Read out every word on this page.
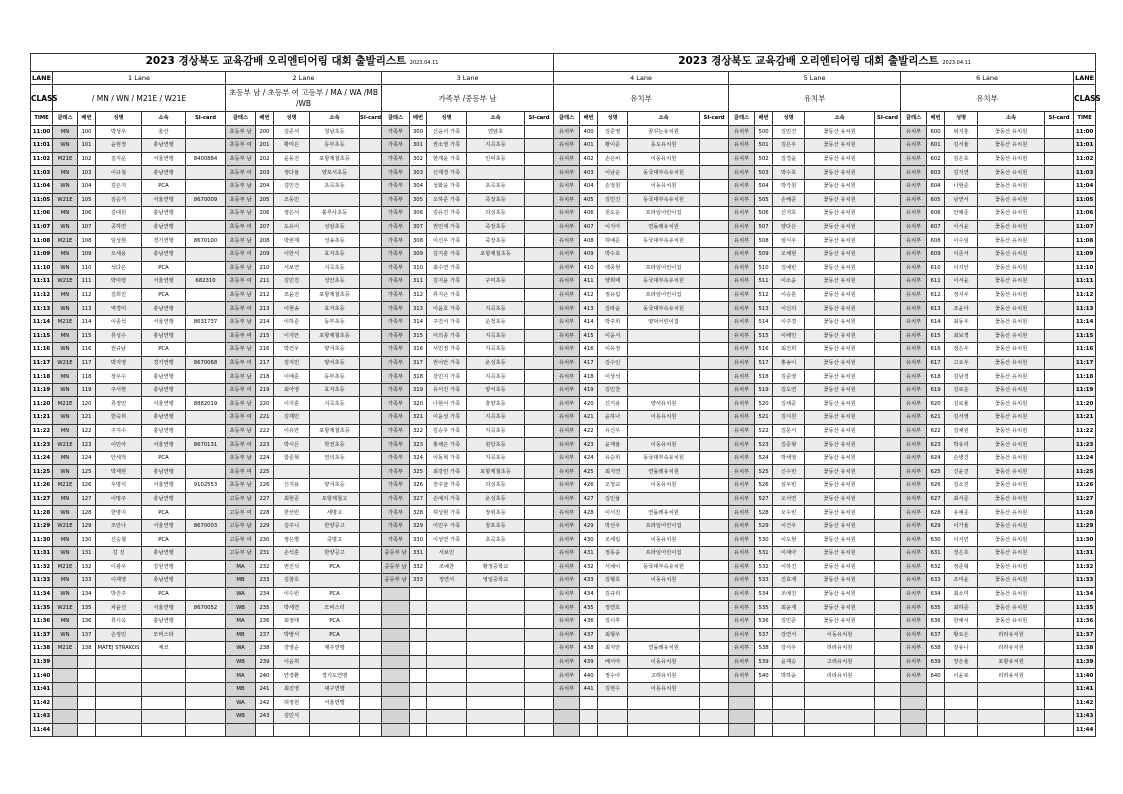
2023 경상북도 교육감배 오리엔티어링 대회 출발리스트 2023.04.11																2023 경상북도 교육감배 오리엔티어링 대회 출발리스트 2023.04.11															
LANE	1 Lane					2 Lane					3 Lane					4 Lane					5 Lane					6 Lane					LANE
CLASS	/ MN / WN / M21E / W21E					초등부 남 / 초등부 여 고등부 / MA / WA /MB /WB					가족부 /중등부 남					유치부					유치부					유치부					CLASS
TIME	클래스	배번	성명	소속	SI-card	클래스	배번	성명	소속	SI-card	클래스	배번	성명	소속	SI-card	클래스	배번	성명	소속	SI-card	클래스	배번	성명	소속	SI-card	클래스	배번	성명	소속	SI-card	TIME
11:00	MN	100	박성우	울산		초등부 남	200	김준서	청남초등		가족부	300	신윤서 가족	연암초		유치부	400	김준영	꿈꾸는유치원		유치부	500	김민건	꽃동산 유치원		유치부	600	위지훈	꽃동산 유치원		11:00
11:01	WN	101	윤현정	충남연맹		초등부 여	201	황미은	동부초등		가족부	301	권소영 가족	지곡초등		유치부	401	황이준	동도유치원		유치부	501	김은우	꽃동산 유치원		유치부	601	김서율	꽃동산 유치원		11:01
11:02	M21E	102	김지운	서울연맹	8400884	초등부 남	202	윤동진	포항제철초등		가족부	302	한재윤 가족	인덕초등		유치부	402	손은비	이동유치원		유치부	502	김경윤	꽃동산 유치원		유치부	602	김은호	꽃동산 유치원		11:02
11:03	MN	103	이규철	충남연맹		초등부 여	203	정다율	양포서초등		가족부	303	신재경 가족			유치부	403	이남순	동국대부속유치원		유치부	503	박수호	꽃동산 유치원		유치부	603	김지연	꽃동산 유치원		11:03
11:04	WN	104	김은지	PCA		초등부 남	204	김민건	초곡초등		가족부	304	성화윤 가족	초곡초등		유치부	404	손정원	이동유치원		유치부	504	박가원	꽃동산 유치원		유치부	604	나현준	꽃동산 유치원		11:04
11:05	W21E	105	김승기	서울연맹	8670009	초등부 남	205	조동민			가족부	305	오하준 가족	죽장초등		유치부	405	김민진	동국대부속유치원		유치부	505	손해준	꽃동산 유치원		유치부	605	남연서	꽃동산 유치원		11:05
11:06	MN	106	김대원	충남연맹		초등부 남	206	정은서	블루사초등		가족부	306	김유진 가족	의성초등		유치부	406	천도운	프라임어린이집		유치부	506	신지호	꽃동산 유치원		유치부	606	안예준	꽃동산 유치원		11:06
11:07	WN	107	공하연	충남연맹		초등부 여	207	도유이	성암초등		가족부	307	권민재 가족	죽장초등		유치부	407	이지아	연돌레유치원		유치부	507	양다은	꽃동산 유치원		유치부	607	이서윤	꽃동산 유치원		11:07
11:08	M21E	108	임성현	경기연맹	8670100	초등부 남	208	박현제	성송초등		가족부	308	이신우 가족	죽장초등		유치부	408	허예준	동국대부속유치원		유치부	508	엄시우	꽃동산 유치원		유치부	608	이수임	꽃동산 유치원		11:08
11:09	MN	109	오세용	충남연맹		초등부 여	209	이한서	효자초등		가족부	309	김지훈 가족	포항제철초등		유치부	409	박수호			유치부	509	오채현	꽃동산 유치원		유치부	609	이준서	꽃동산 유치원		11:09
11:10	WN	110	석다은	PCA		초등부 남	210	서보연	지곡초등		가족부	310	최수연 가족			유치부	410	백종현	프라임어린이집		유치부	510	김예빈	꽃동산 유치원		유치부	610	이지안	꽃동산 유치원		11:10
11:11	W21E	111	박미령	서울연맹	682310	초등부 여	211	김민진	성안초등		가족부	311	김지윤 가족	구미초등		유치부	411	양희태	동국대부속유치원		유치부	511	이소윤	꽃동산 유치원		유치부	611	이서윤	꽃동산 유치원		11:11
11:12	MN	112	김희진	PCA		초등부 남	212	조윤진	포항제철초등		가족부	312	류지은 가족			유치부	412	정유림	프라임어린이집		유치부	512	이승훈	꽃동산 유치원		유치부	612	정지우	꽃동산 유치원		11:12
11:13	WN	113	역경미	충남연맹		초등부 여	213	이현송	효자초등		가족부	313	이윤호 가족	지곡초등		유치부	413	김라윤	동국대부속유치원		유치부	513	이신의	꽃동산 유치원		유치부	613	조윤아	꽃동산 유치원		11:13
11:14	M21E	114	이종석	서울연맹	8631737	초등부 남	214	이하준	동부초등		가족부	314	구진서 가족	운정초등		유치부	414	박주희	양덕어린이집		유치부	514	이주경	꽃동산 유치원		유치부	614	최동우	꽃동산 유치원		11:14
11:15	MN	115	류성수	충남연맹		초등부 여	215	이지안	포항제철초등		가족부	315	이의종 가족	지곡초등		유치부	415	이윤서			유치부	515	이해민	꽃동산 유치원		유치부	615	최보경	꽃동산 유치원		11:15
11:16	WN	116	권규남	PCA		초등부 남	216	박건우	양서초등		가족부	316	서민정 가족	지곡초등		유치부	416	이유정			유치부	516	최진희	꽃동산 유치원		유치부	616	정은우	꽃동산 유치원		11:16
11:17	W21E	117	박지영	경기연맹	8670068	초등부 여	217	김지민	양서초등		가족부	317	권이안 가족	운성초등		유치부	417	김수인			유치부	517	홍송이	꽃동산 유치원		유치부	617	고요우	꽃동산 유치원		11:17
11:18	MN	118	장우수	충남연맹		초등부 남	218	이예준	동부초등		가족부	318	강민지 가족	지곡초등		유치부	418	이상석			유치부	518	김준영	꽃동산 유치원		유치부	618	김남경	꽃동산 유치원		11:18
11:19	WN	119	주서현	충남연맹		초등부 여	219	최아영	효자초등		가족부	319	유서진 가족	양서초등		유치부	419	김민찬			유치부	519	김도연	꽃동산 유치원		유치부	619	김로운	꽃동산 유치원		11:19
11:20	M21E	120	류정민	서울연맹	8882019	초등부 남	220	이지훈	지곡초등		가족부	320	나현서 가족	흥양초등		유치부	420	신기용	양서유치원		유치부	520	김세준	꽃동산 유치원		유치부	620	김로율	꽃동산 유치원		11:20
11:21	WN	121	한숙희	충남연맹		초등부 여	221	김재민			가족부	321	이윤성 가족	지곡초등		유치부	421	윤하나	이동유치원		유치부	521	김시원	꽃동산 유치원		유치부	621	김서영	꽃동산 유치원		11:21
11:22	MN	122	주지수	충남연맹		초등부 남	222	이유안	포항제철초등		가족부	322	김승우 가족	지곡초등		유치부	422	유신우			유치부	522	김문서	꽃동산 유치원		유치부	622	김채원	꽃동산 유치원		11:22
11:23	W21E	123	이민아	서울연맹	8670131	초등부 여	223	박시은	학전초등		가족부	323	홍채은 가족	원당초등		유치부	423	윤재율	이동유치원		유치부	523	김준형	꽃동산 유치원		유치부	623	박유리	꽃동산 유치원		11:23
11:24	MN	124	안세적	PCA		초등부 남	224	함준혁	연의초등		가족부	324	이동혁 가족	지곡초등		유치부	424	유승희	동국대부속유치원		유치부	524	박세영	꽃동산 유치원		유치부	624	손병진	꽃동산 유치원		11:24
11:25	WN	125	박재현	충남연맹		초등부 여	225				가족부	325	최강민 가족	포항제철초등		유치부	425	최지연	연돌레유치원		유치부	525	신수빈	꽃동산 유치원		유치부	625	신윤진	꽃동산 유치원		11:25
11:26	M21E	126	우명식	서울연맹	9102553	초등부 남	226	신지용	양서초등		가족부	326	천주균 가족	의성초등		유치부	426	오정교	이동유치원		유치부	526	심우빈	꽃동산 유치원		유치부	626	김소진	꽃동산 유치원		11:26
11:27	MN	127	이명주	충남연맹		고등부 남	227	최현준	포항제철고		가족부	327	손예지 가족	운성초등		유치부	427	김민율			유치부	527	오서연	꽃동산 유치원		유치부	627	최서준	꽃동산 유치원		11:27
11:28	WN	128	한명지	PCA		고등부 여	228	한선빈	세명고		가족부	328	허성현 가족	장위초등		유치부	428	이서진	연돌레유치원		유치부	528	오수빈	꽃동산 유치원		유치부	628	유예준	꽃동산 유치원		11:28
11:29	W21E	129	조안나	서울연맹	8670003	고등부 남	229	김주니	한양공고		가족부	329	이민우 가족	창포초등		유치부	429	박선우	프라임어린이집		유치부	529	이건우	꽃동산 유치원		유치부	629	이가율	꽃동산 유치원		11:29
11:30	MN	130	신승철	PCA		고등부 여	230	정은별	죽명고		가족부	330	이성연 가족	초곡초등		유치부	430	조세림	이동유치원		유치부	530	이도현	꽃동산 유치원		유치부	630	이지민	꽃동산 유치원		11:30
11:31	WN	131	김 진	충남연맹		고등부 남	231	손석훈	한양공고		중등부 남	331	서보민			유치부	431	정동윤	프라임어린이집		유치부	531	이재아	꽃동산 유치원		유치부	631	정은호	꽃동산 유치원		11:31
11:32	M21E	132	이광우	강원연맹		MA	232	권진석	PCA		중등부 남	332	조예찬	황정중학교		유치부	432	서채이	동국대부속유치원		유치부	532	이하진	꽃동산 유치원		유치부	632	정준혁	꽃동산 유치원		11:32
11:33	MN	133	이재영	충남연맹		MB	233	김창호			중등부 남	333	정연서	영일중학교		유치부	433	김형호	이동유치원		유치부	533	진효재	꽃동산 유치원		유치부	633	조미윤	꽃동산 유치원		11:33
11:34	WN	134	박진주	PCA		WA	234	이수빈	PCA							유치부	434	김규리			유치부	534	조예진	꽃동산 유치원		유치부	634	최소미	꽃동산 유치원		11:34
11:35	W21E	135	차윤선	서울연맹	8670052	WB	235	박세연	모비스터							유치부	435	정연호			유치부	535	최윤재	꽃동산 유치원		유치부	635	최하준	꽃동산 유치원		11:35
11:36	MN	136	류시옥	충남연맹		MA	236	최정태	PCA							유치부	436	김시후			유치부	536	김민준	꽃동산 유치원		유치부	636	한예서	꽃동산 유치원		11:36
11:37	WN	137	손정민	모비스타		MB	237	박병서	PCA							유치부	437	최형우			유치부	537	강연서	이동유치원		유치부	637	황요은	리라유치원		11:37
11:38	M21E	138	MATEJ STRAKOS	체코		WA	238	강영순	제주연맹							유치부	438	최지안	연돌레유치원		유치부	538	강서우	리라유치원		유치부	638	장유나	리라유치원		11:38
11:39						WB	239	이윤희								유치부	439	배서아	이동유치원		유치부	539	윤재승	고려유치원		유치부	639	장은율	포항유치원		11:39
11:40						MA	240	안경환	경기도연맹							유치부	440	정수아	고려유치원		유치부	540	박하윤	리라유치원		유치부	640	이윤로	리라유치원		11:40
11:41						MB	241	최진영	대구연맹							유치부	441	김현수	이동유치원												11:41
11:42						WA	242	허정원	서울연맹																						11:42
11:43						WB	243	김민식																							11:43
11:44																															11:44
